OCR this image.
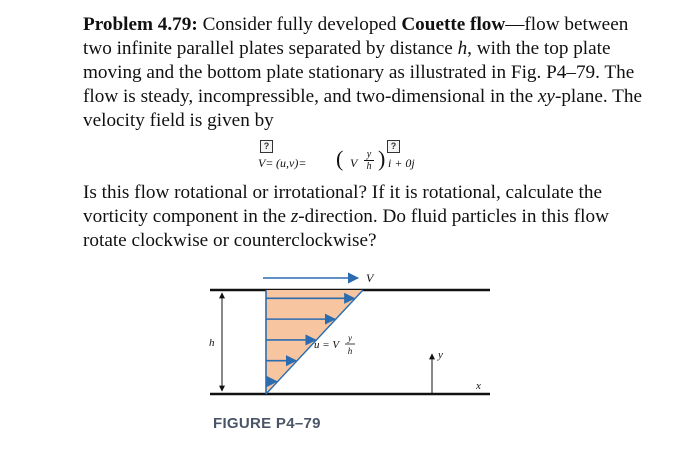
Problem 4.79: Consider fully developed Couette flow—flow between two infinite parallel plates separated by distance h, with the top plate moving and the bottom plate stationary as illustrated in Fig. P4–79. The flow is steady, incompressible, and two-dimensional in the xy-plane. The velocity field is given by

?
V = (u,v)= ( V
y
h ) ?
i + 0j

Is this flow rotational or irrotational? If it is rotational, calculate the vorticity component in the z-direction. Do fluid particles in this flow rotate clockwise or counterclockwise?

V
h	u = V
y
h	y
x
FIGURE P4–79
